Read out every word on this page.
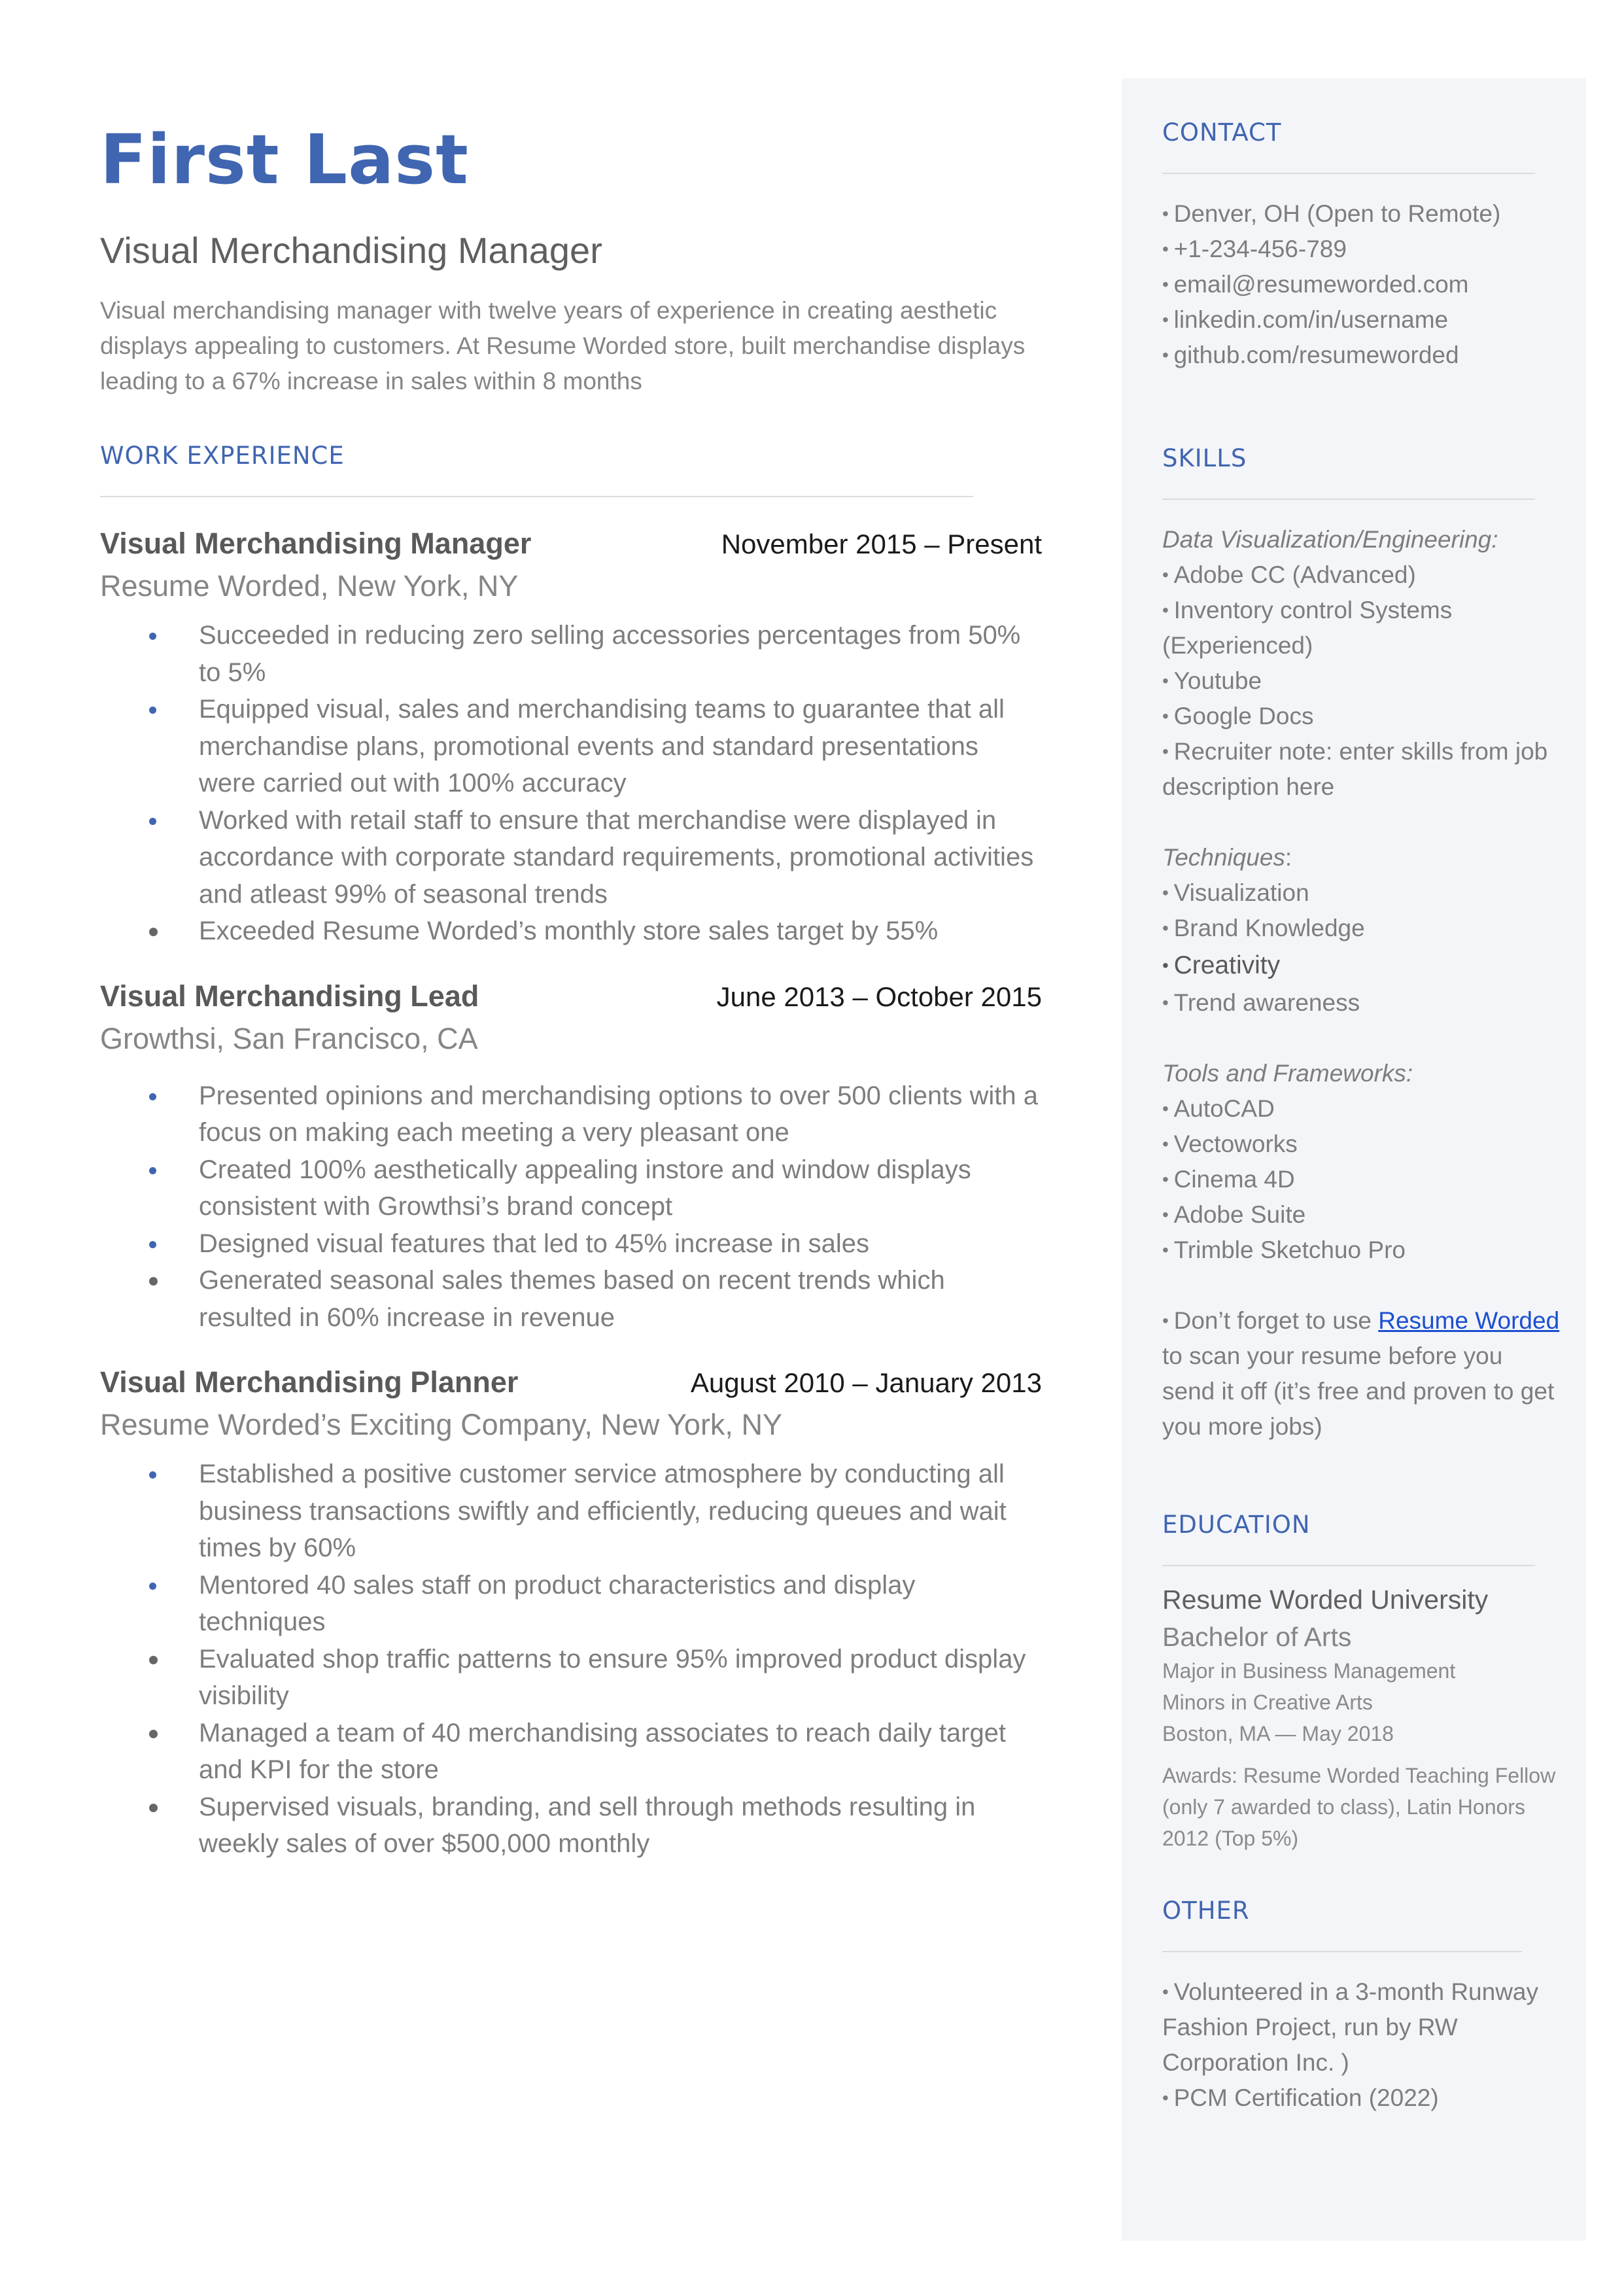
First Last
Visual Merchandising Manager
Visual merchandising manager with twelve years of experience in creating aesthetic displays appealing to customers. At Resume Worded store, built merchandise displays leading to a 67% increase in sales within 8 months
WORK EXPERIENCE
Visual Merchandising Manager	November 2015 – Present
Resume Worded, New York, NY
Succeeded in reducing zero selling accessories percentages from 50% to 5%
Equipped visual, sales and merchandising teams to guarantee that all merchandise plans, promotional events and standard presentations were carried out with 100% accuracy
Worked with retail staff to ensure that merchandise were displayed in accordance with corporate standard requirements, promotional activities and atleast 99% of seasonal trends
Exceeded Resume Worded’s monthly store sales target by 55%
Visual Merchandising Lead	June 2013 – October 2015
Growthsi, San Francisco, CA
Presented opinions and merchandising options to over 500 clients with a focus on making each meeting a very pleasant one
Created 100% aesthetically appealing instore and window displays consistent with Growthsi’s brand concept
Designed visual features that led to 45% increase in sales
Generated seasonal sales themes based on recent trends which resulted in 60% increase in revenue
Visual Merchandising Planner	August 2010 – January 2013
Resume Worded’s Exciting Company, New York, NY
Established a positive customer service atmosphere by conducting all business transactions swiftly and efficiently, reducing queues and wait times by 60%
Mentored 40 sales staff on product characteristics and display techniques
Evaluated shop traffic patterns to ensure 95% improved product display visibility
Managed a team of 40 merchandising associates to reach daily target and KPI for the store
Supervised visuals, branding, and sell through methods resulting in weekly sales of over $500,000 monthly
CONTACT
• Denver, OH (Open to Remote)
• +1-234-456-789
• email@resumeworded.com
• linkedin.com/in/username
• github.com/resumeworded
SKILLS
Data Visualization/Engineering:
• Adobe CC (Advanced)
• Inventory control Systems (Experienced)
• Youtube
• Google Docs
• Recruiter note: enter skills from job description here
Techniques:
• Visualization
• Brand Knowledge
• Creativity
• Trend awareness
Tools and Frameworks:
• AutoCAD
• Vectoworks
• Cinema 4D
• Adobe Suite
• Trimble Sketchuo Pro
• Don’t forget to use Resume Worded to scan your resume before you send it off (it’s free and proven to get you more jobs)
EDUCATION
Resume Worded University
Bachelor of Arts
Major in Business Management
Minors in Creative Arts
Boston, MA — May 2018
Awards: Resume Worded Teaching Fellow (only 7 awarded to class), Latin Honors 2012 (Top 5%)
OTHER
• Volunteered in a 3-month Runway Fashion Project, run by RW Corporation Inc. )
• PCM Certification (2022)
